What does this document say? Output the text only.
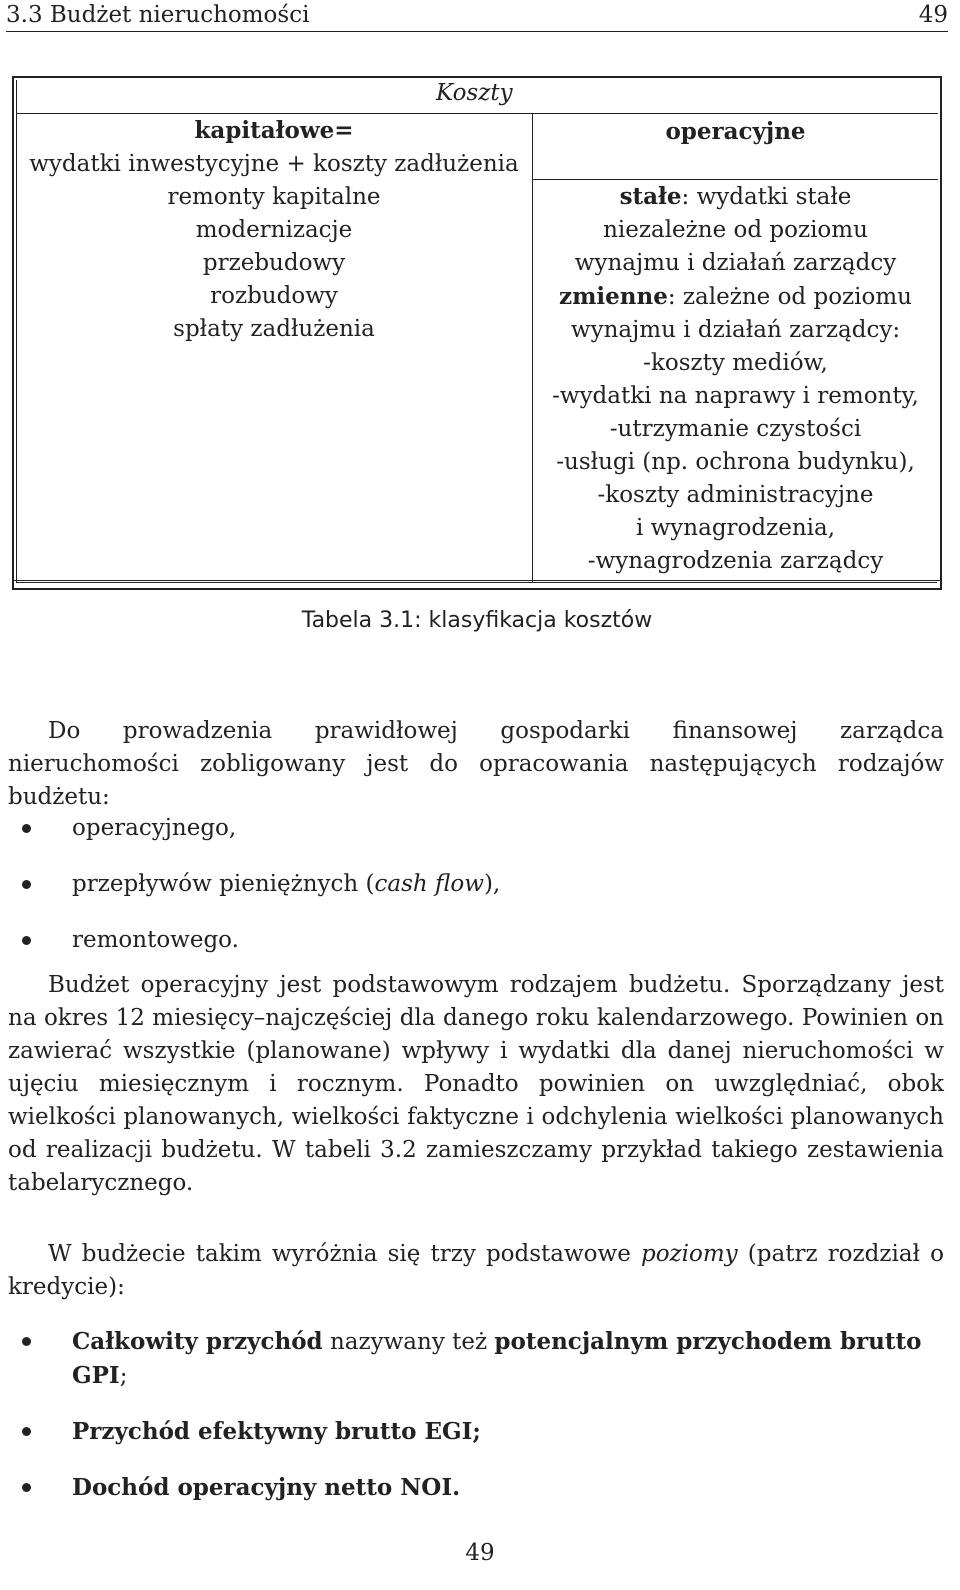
3.3 Budżet nieruchomości	49
Koszty
kapitałowe=
wydatki inwestycyjne + koszty zadłużenia
remonty kapitalne
modernizacje
przebudowy
rozbudowy
spłaty zadłużenia
operacyjne
stałe: wydatki stałe
niezależne od poziomu
wynajmu i działań zarządcy
zmienne: zależne od poziomu
wynajmu i działań zarządcy:
-koszty mediów,
-wydatki na naprawy i remonty,
-utrzymanie czystości
-usługi (np. ochrona budynku),
-koszty administracyjne
i wynagrodzenia,
-wynagrodzenia zarządcy
Tabela 3.1: klasyfikacja kosztów
Do prowadzenia prawidłowej gospodarki finansowej zarządca nieruchomości zobligowany jest do opracowania następujących rodzajów budżetu:
operacyjnego,
przepływów pieniężnych (cash flow),
remontowego.
Budżet operacyjny jest podstawowym rodzajem budżetu. Sporządzany jest na okres 12 miesięcy–najczęściej dla danego roku kalendarzowego. Powinien on zawierać wszystkie (planowane) wpływy i wydatki dla danej nieruchomości w ujęciu miesięcznym i rocznym. Ponadto powinien on uwzględniać, obok wielkości planowanych, wielkości faktyczne i odchylenia wielkości planowanych od realizacji budżetu. W tabeli 3.2 zamieszczamy przykład takiego zestawienia tabelarycznego.
W budżecie takim wyróżnia się trzy podstawowe poziomy (patrz rozdział o kredycie):
Całkowity przychód nazywany też potencjalnym przychodem brutto GPI;
Przychód efektywny brutto EGI;
Dochód operacyjny netto NOI.
49
